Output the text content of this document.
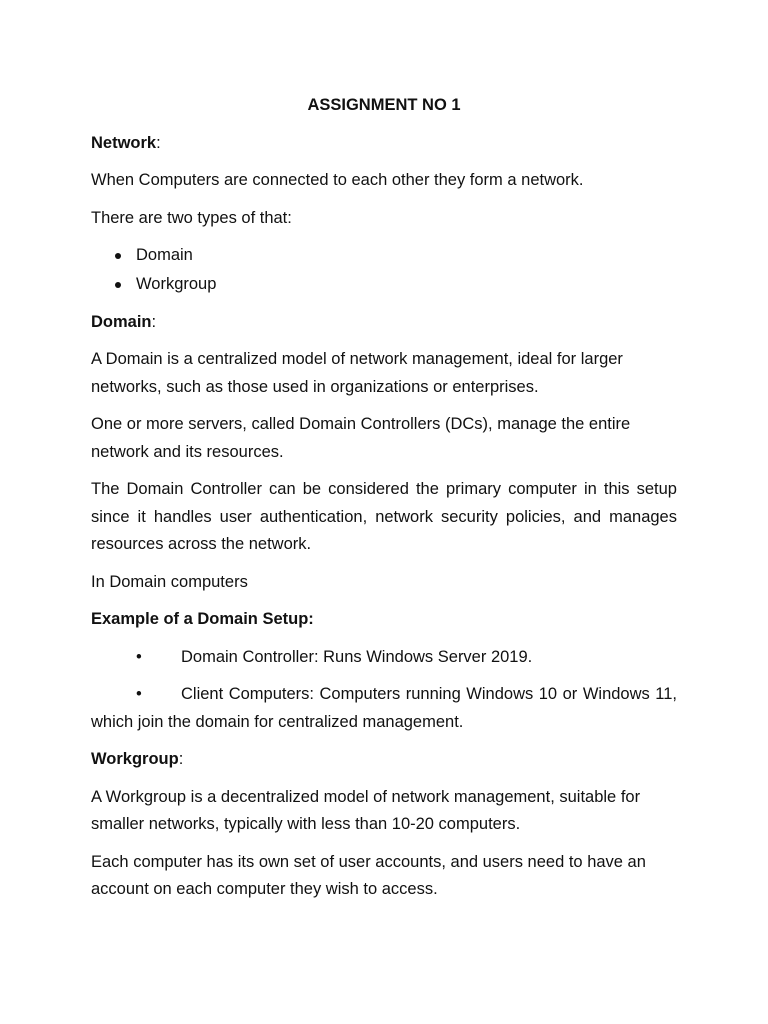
ASSIGNMENT NO 1
Network:
When Computers are connected to each other they form a network.
There are two types of that:
Domain
Workgroup
Domain:
A Domain is a centralized model of network management, ideal for larger networks, such as those used in organizations or enterprises.
One or more servers, called Domain Controllers (DCs), manage the entire network and its resources.
The Domain Controller can be considered the primary computer in this setup since it handles user authentication, network security policies, and manages resources across the network.
In Domain computers
Example of a Domain Setup:
• Domain Controller: Runs Windows Server 2019.
• Client Computers: Computers running Windows 10 or Windows 11, which join the domain for centralized management.
Workgroup:
A Workgroup is a decentralized model of network management, suitable for smaller networks, typically with less than 10-20 computers.
Each computer has its own set of user accounts, and users need to have an account on each computer they wish to access.
